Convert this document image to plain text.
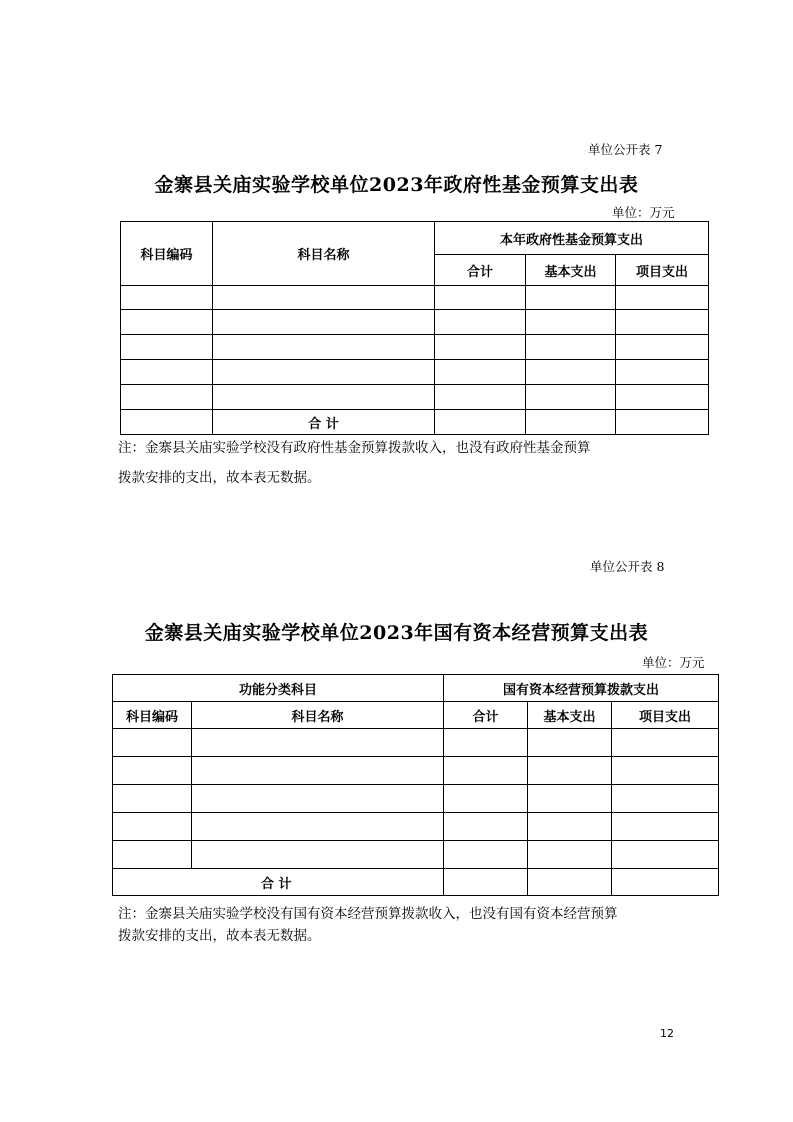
单位公开表 7
金寨县关庙实验学校单位2023年政府性基金预算支出表
单位：万元
科目编码	科目名称	本年政府性基金预算支出		
		合计	基本支出	项目支出

	合 计			
注：金寨县关庙实验学校没有政府性基金预算拨款收入，也没有政府性基金预算
拨款安排的支出，故本表无数据。
单位公开表 8
金寨县关庙实验学校单位2023年国有资本经营预算支出表
单位：万元
功能分类科目		国有资本经营预算拨款支出		
科目编码	科目名称	合计	基本支出	项目支出

合 计				
注：金寨县关庙实验学校没有国有资本经营预算拨款收入，也没有国有资本经营预算
拨款安排的支出，故本表无数据。
12
